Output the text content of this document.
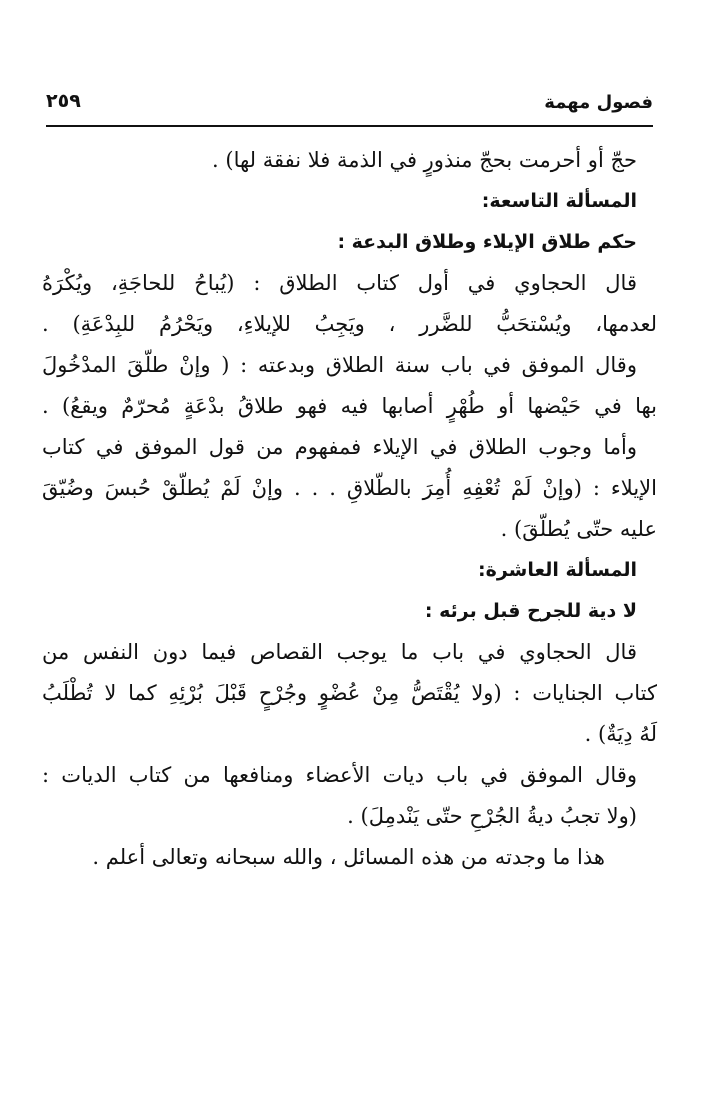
فصول مهمة
٢٥٩
حجّ أو أحرمت بحجّ منذورٍ في الذمة فلا نفقة لها) .
المسألة التاسعة:
حكم طلاق الإيلاء وطلاق البدعة :
قال الحجاوي في أول كتاب الطلاق : (يُباحُ للحاجَةِ، ويُكْرَهُ
لعدمها، ويُسْتحَبُّ للضَّرر ، ويَجِبُ للإيلاءِ، ويَحْرُمُ للبِدْعَةِ) .
وقال الموفق في باب سنة الطلاق وبدعته : ( وإنْ طلّقَ المدْخُولَ
بها في حَيْضها أو طُهْرٍ أصابها فيه فهو طلاقُ بدْعَةٍ مُحرّمٌ ويقعُ) .
وأما وجوب الطلاق في الإيلاء فمفهوم من قول الموفق في كتاب
الإيلاء : (وإنْ لَمْ تُعْفِهِ أُمِرَ بالطّلاقِ . . . وإنْ لَمْ يُطلّقْ حُبسَ وضُيّقَ
عليه حتّى يُطلّقَ) .
المسألة العاشرة:
لا دية للجرح قبل برئه :
قال الحجاوي في باب ما يوجب القصاص فيما دون النفس من
كتاب الجنايات : (ولا يُقْتَصُّ مِنْ عُضْوٍ وجُرْحٍ قَبْلَ بُرْئِهِ كما لا تُطْلَبُ
لَهُ دِيَةٌ) .
وقال الموفق في باب ديات الأعضاء ومنافعها من كتاب الديات :
(ولا تجبُ ديةُ الجُرْحِ حتّى يَنْدمِلَ) .
هذا ما وجدته من هذه المسائل ، والله سبحانه وتعالى أعلم .
